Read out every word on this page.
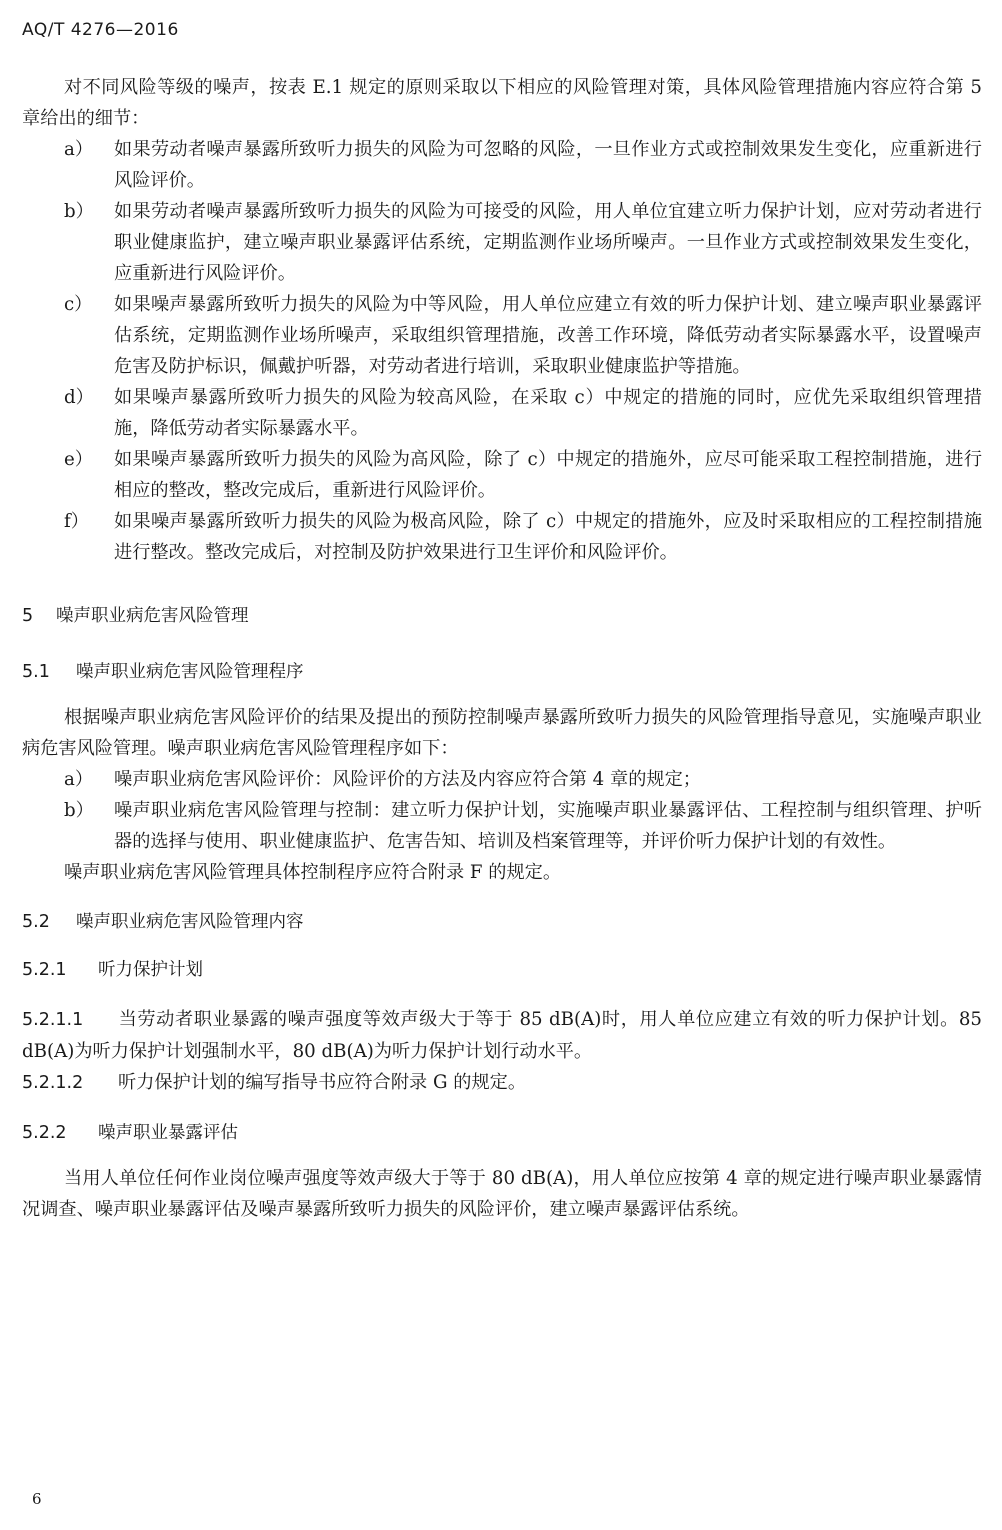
AQ/T 4276—2016

对不同风险等级的噪声，按表 E.1 规定的原则采取以下相应的风险管理对策，具体风险管理措施内容应符合第 5 章给出的细节：

a） 如果劳动者噪声暴露所致听力损失的风险为可忽略的风险，一旦作业方式或控制效果发生变化，应重新进行风险评价。
b） 如果劳动者噪声暴露所致听力损失的风险为可接受的风险，用人单位宜建立听力保护计划，应对劳动者进行职业健康监护，建立噪声职业暴露评估系统，定期监测作业场所噪声。一旦作业方式或控制效果发生变化，应重新进行风险评价。
c） 如果噪声暴露所致听力损失的风险为中等风险，用人单位应建立有效的听力保护计划、建立噪声职业暴露评估系统，定期监测作业场所噪声，采取组织管理措施，改善工作环境，降低劳动者实际暴露水平，设置噪声危害及防护标识，佩戴护听器，对劳动者进行培训，采取职业健康监护等措施。
d） 如果噪声暴露所致听力损失的风险为较高风险，在采取 c）中规定的措施的同时，应优先采取组织管理措施，降低劳动者实际暴露水平。
e） 如果噪声暴露所致听力损失的风险为高风险，除了 c）中规定的措施外，应尽可能采取工程控制措施，进行相应的整改，整改完成后，重新进行风险评价。
f） 如果噪声暴露所致听力损失的风险为极高风险，除了 c）中规定的措施外，应及时采取相应的工程控制措施进行整改。整改完成后，对控制及防护效果进行卫生评价和风险评价。
5 噪声职业病危害风险管理
5.1 噪声职业病危害风险管理程序

根据噪声职业病危害风险评价的结果及提出的预防控制噪声暴露所致听力损失的风险管理指导意见，实施噪声职业病危害风险管理。噪声职业病危害风险管理程序如下：

a） 噪声职业病危害风险评价：风险评价的方法及内容应符合第 4 章的规定；
b） 噪声职业病危害风险管理与控制：建立听力保护计划，实施噪声职业暴露评估、工程控制与组织管理、护听器的选择与使用、职业健康监护、危害告知、培训及档案管理等，并评价听力保护计划的有效性。

噪声职业病危害风险管理具体控制程序应符合附录 F 的规定。

5.2 噪声职业病危害风险管理内容
5.2.1 听力保护计划

5.2.1.1 当劳动者职业暴露的噪声强度等效声级大于等于 85 dB(A)时，用人单位应建立有效的听力保护计划。85 dB(A)为听力保护计划强制水平，80 dB(A)为听力保护计划行动水平。

5.2.1.2 听力保护计划的编写指导书应符合附录 G 的规定。

5.2.2 噪声职业暴露评估

当用人单位任何作业岗位噪声强度等效声级大于等于 80 dB(A)，用人单位应按第 4 章的规定进行噪声职业暴露情况调查、噪声职业暴露评估及噪声暴露所致听力损失的风险评价，建立噪声暴露评估系统。

6
